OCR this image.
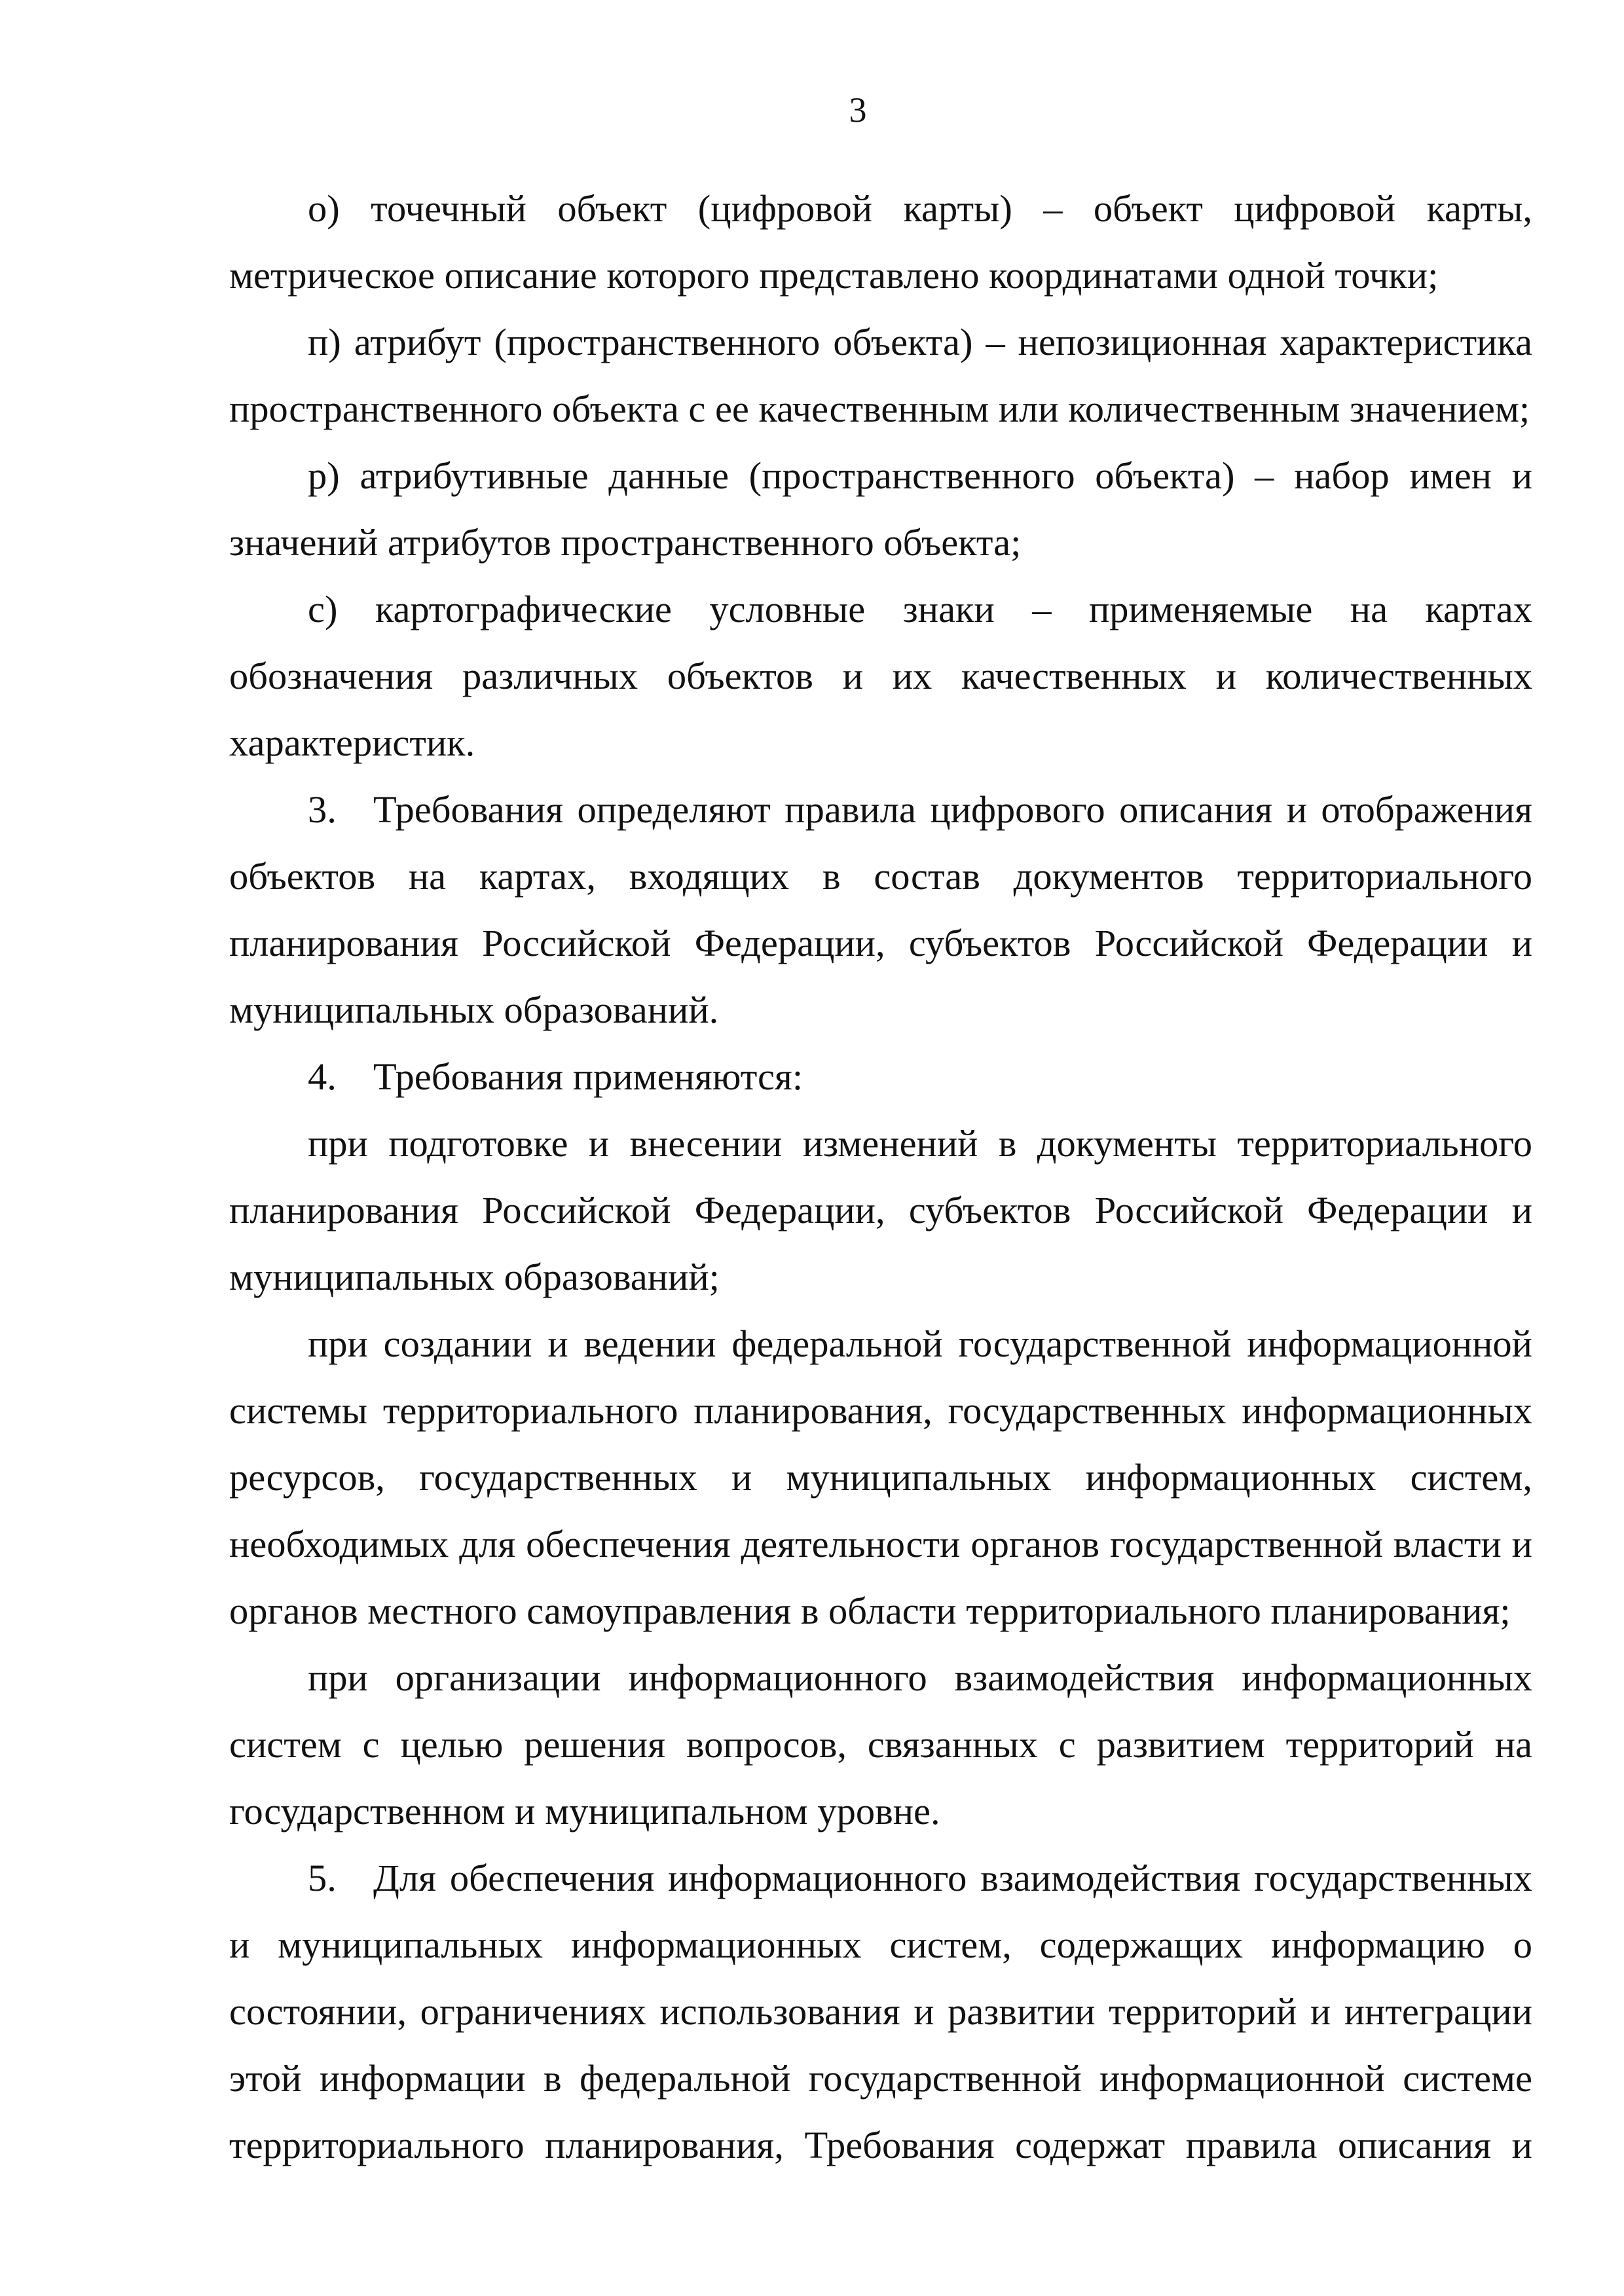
3

о) точечный объект (цифровой карты) – объект цифровой карты, метрическое описание которого представлено координатами одной точки;

п) атрибут (пространственного объекта) – непозиционная характеристика пространственного объекта с ее качественным или количественным значением;

р) атрибутивные данные (пространственного объекта) – набор имен и значений атрибутов пространственного объекта;

с) картографические условные знаки – применяемые на картах обозначения различных объектов и их качественных и количественных характеристик.

3. Требования определяют правила цифрового описания и отображения объектов на картах, входящих в состав документов территориального планирования Российской Федерации, субъектов Российской Федерации и муниципальных образований.

4. Требования применяются:

при подготовке и внесении изменений в документы территориального планирования Российской Федерации, субъектов Российской Федерации и муниципальных образований;

при создании и ведении федеральной государственной информационной системы территориального планирования, государственных информационных ресурсов, государственных и муниципальных информационных систем, необходимых для обеспечения деятельности органов государственной власти и органов местного самоуправления в области территориального планирования;

при организации информационного взаимодействия информационных систем с целью решения вопросов, связанных с развитием территорий на государственном и муниципальном уровне.

5. Для обеспечения информационного взаимодействия государственных и муниципальных информационных систем, содержащих информацию о состоянии, ограничениях использования и развитии территорий и интеграции этой информации в федеральной государственной информационной системе территориального планирования, Требования содержат правила описания и
